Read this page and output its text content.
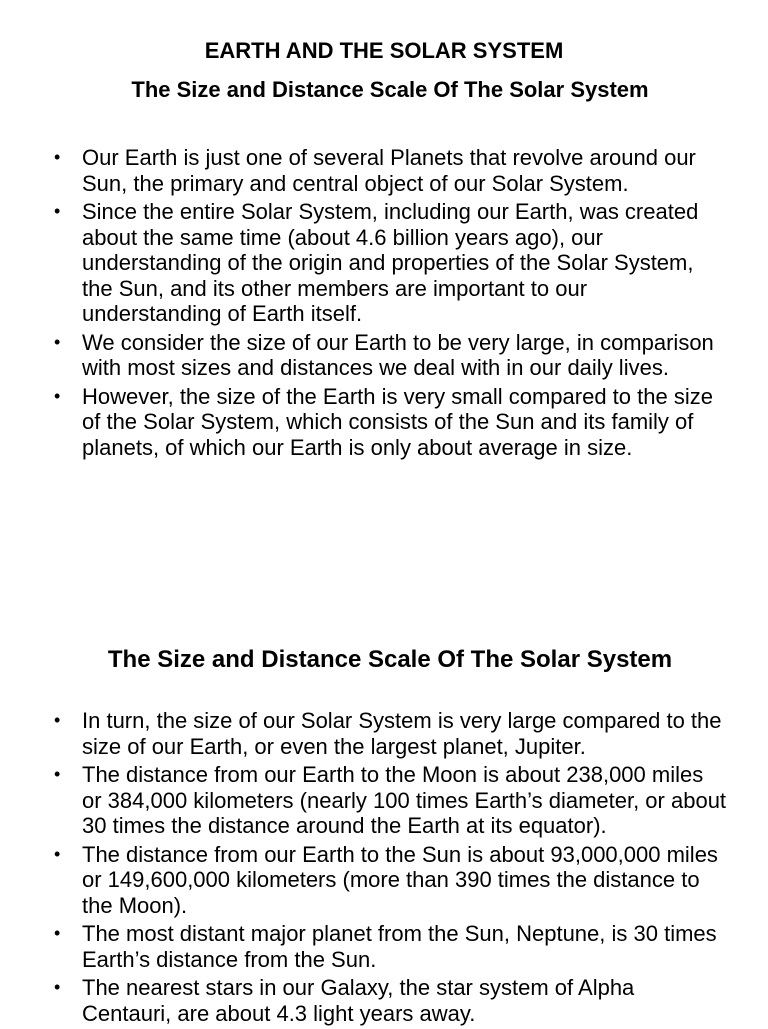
EARTH AND THE SOLAR SYSTEM
The Size and Distance Scale Of The Solar System
• Our Earth is just one of several Planets that revolve around our Sun, the primary and central object of our Solar System.
• Since the entire Solar System, including our Earth, was created about the same time (about 4.6 billion years ago), our understanding of the origin and properties of the Solar System, the Sun, and its other members are important to our understanding of Earth itself.
• We consider the size of our Earth to be very large, in comparison with most sizes and distances we deal with in our daily lives.
• However, the size of the Earth is very small compared to the size of the Solar System, which consists of the Sun and its family of planets, of which our Earth is only about average in size.
The Size and Distance Scale Of The Solar System
• In turn, the size of our Solar System is very large compared to the size of our Earth, or even the largest planet, Jupiter.
• The distance from our Earth to the Moon is about 238,000 miles or 384,000 kilometers (nearly 100 times Earth’s diameter, or about 30 times the distance around the Earth at its equator).
• The distance from our Earth to the Sun is about 93,000,000 miles or 149,600,000 kilometers (more than 390 times the distance to the Moon).
• The most distant major planet from the Sun, Neptune, is 30 times Earth’s distance from the Sun.
• The nearest stars in our Galaxy, the star system of Alpha Centauri, are about 4.3 light years away.
